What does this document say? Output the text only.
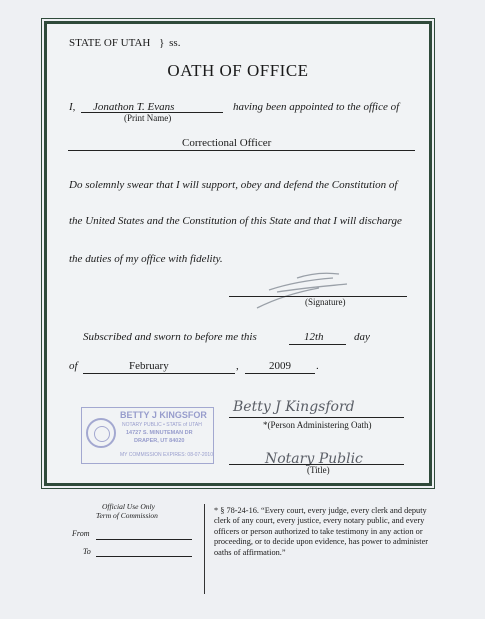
STATE OF UTAH } ss.
OATH OF OFFICE
I, Jonathon T. Evans
(Print Name)
having been appointed to the office of
Correctional Officer
Do solemnly swear that I will support, obey and defend the Constitution of
the United States and the Constitution of this State and that I will discharge
the duties of my office with fidelity.
(Signature)
Subscribed and sworn to before me this	12th	day
of	February	,	2009 .
BETTY J KINGSFOR
NOTARY PUBLIC • STATE of UTAH
14727 S. MINUTEMAN DR
DRAPER, UT 84020
MY COMMISSION EXPIRES: 08-07-2010
Betty J Kingsford
*(Person Administering Oath)
Notary Public
(Title)
Official Use Only
Term of Commission
From
To
* § 78-24-16. “Every court, every judge, every clerk and deputy clerk of any court, every justice, every notary public, and every officers or person authorized to take testimony in any action or proceeding, or to decide upon evidence, has power to administer oaths of affirmation.”
